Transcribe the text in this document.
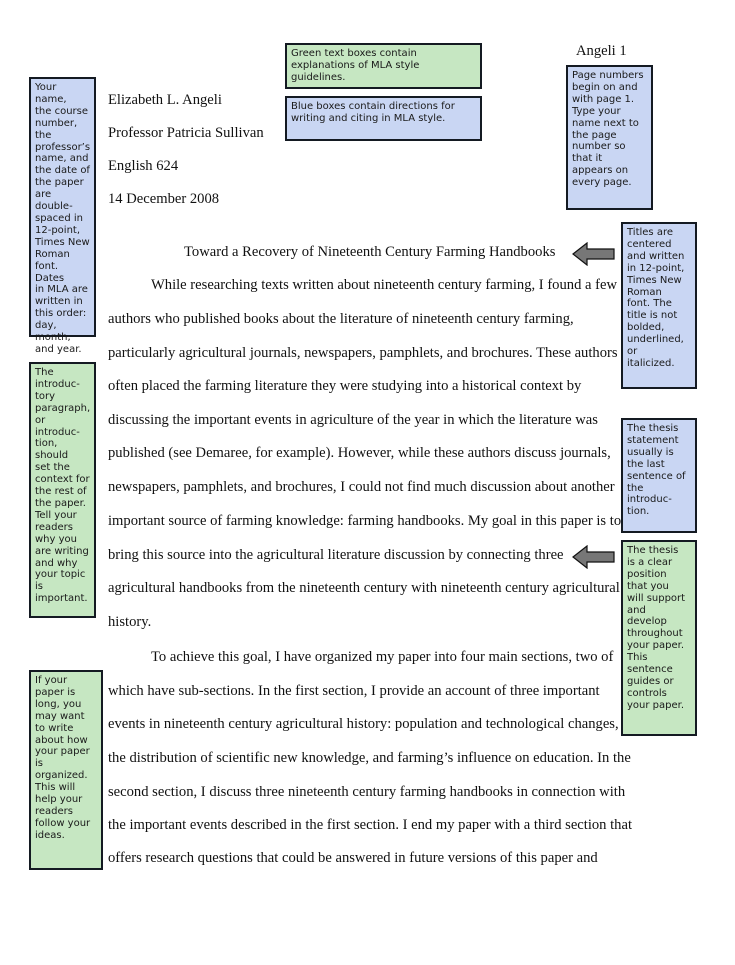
Angeli 1
Elizabeth L. Angeli
Professor Patricia Sullivan
English 624
14 December 2008
Toward a Recovery of Nineteenth Century Farming Handbooks
While researching texts written about nineteenth century farming, I found a few
authors who published books about the literature of nineteenth century farming,
particularly agricultural journals, newspapers, pamphlets, and brochures. These authors
often placed the farming literature they were studying into a historical context by
discussing the important events in agriculture of the year in which the literature was
published (see Demaree, for example). However, while these authors discuss journals,
newspapers, pamphlets, and brochures, I could not find much discussion about another
important source of farming knowledge: farming handbooks. My goal in this paper is to
bring this source into the agricultural literature discussion by connecting three
agricultural handbooks from the nineteenth century with nineteenth century agricultural
history.
To achieve this goal, I have organized my paper into four main sections, two of
which have sub-sections. In the first section, I provide an account of three important
events in nineteenth century agricultural history: population and technological changes,
the distribution of scientific new knowledge, and farming’s influence on education. In the
second section, I discuss three nineteenth century farming handbooks in connection with
the important events described in the first section. I end my paper with a third section that
offers research questions that could be answered in future versions of this paper and
Green text boxes contain
explanations of MLA style guidelines.
Blue boxes contain directions for
writing and citing in MLA style.
Your name,
the course
number,
the
professor’s
name, and
the date of
the paper
are double-
spaced in
12-point,
Times New
Roman
font. Dates
in MLA are
written in
this order:
day, month,
and year.
The
introduc-
tory
paragraph,
or introduc-
tion, should
set the
context for
the rest of
the paper.
Tell your
readers
why you
are writing
and why
your topic
is
important.
If your
paper is
long, you
may want
to write
about how
your paper
is
organized.
This will
help your
readers
follow your
ideas.
Page numbers
begin on and
with page 1.
Type your
name next to
the page
number so
that it
appears on
every page.
Titles are
centered
and written
in 12-point,
Times New
Roman
font. The
title is not
bolded,
underlined,
or
italicized.
The thesis
statement
usually is
the last
sentence of
the
introduc-
tion.
The thesis
is a clear
position
that you
will support
and
develop
throughout
your paper.
This
sentence
guides or
controls
your paper.
